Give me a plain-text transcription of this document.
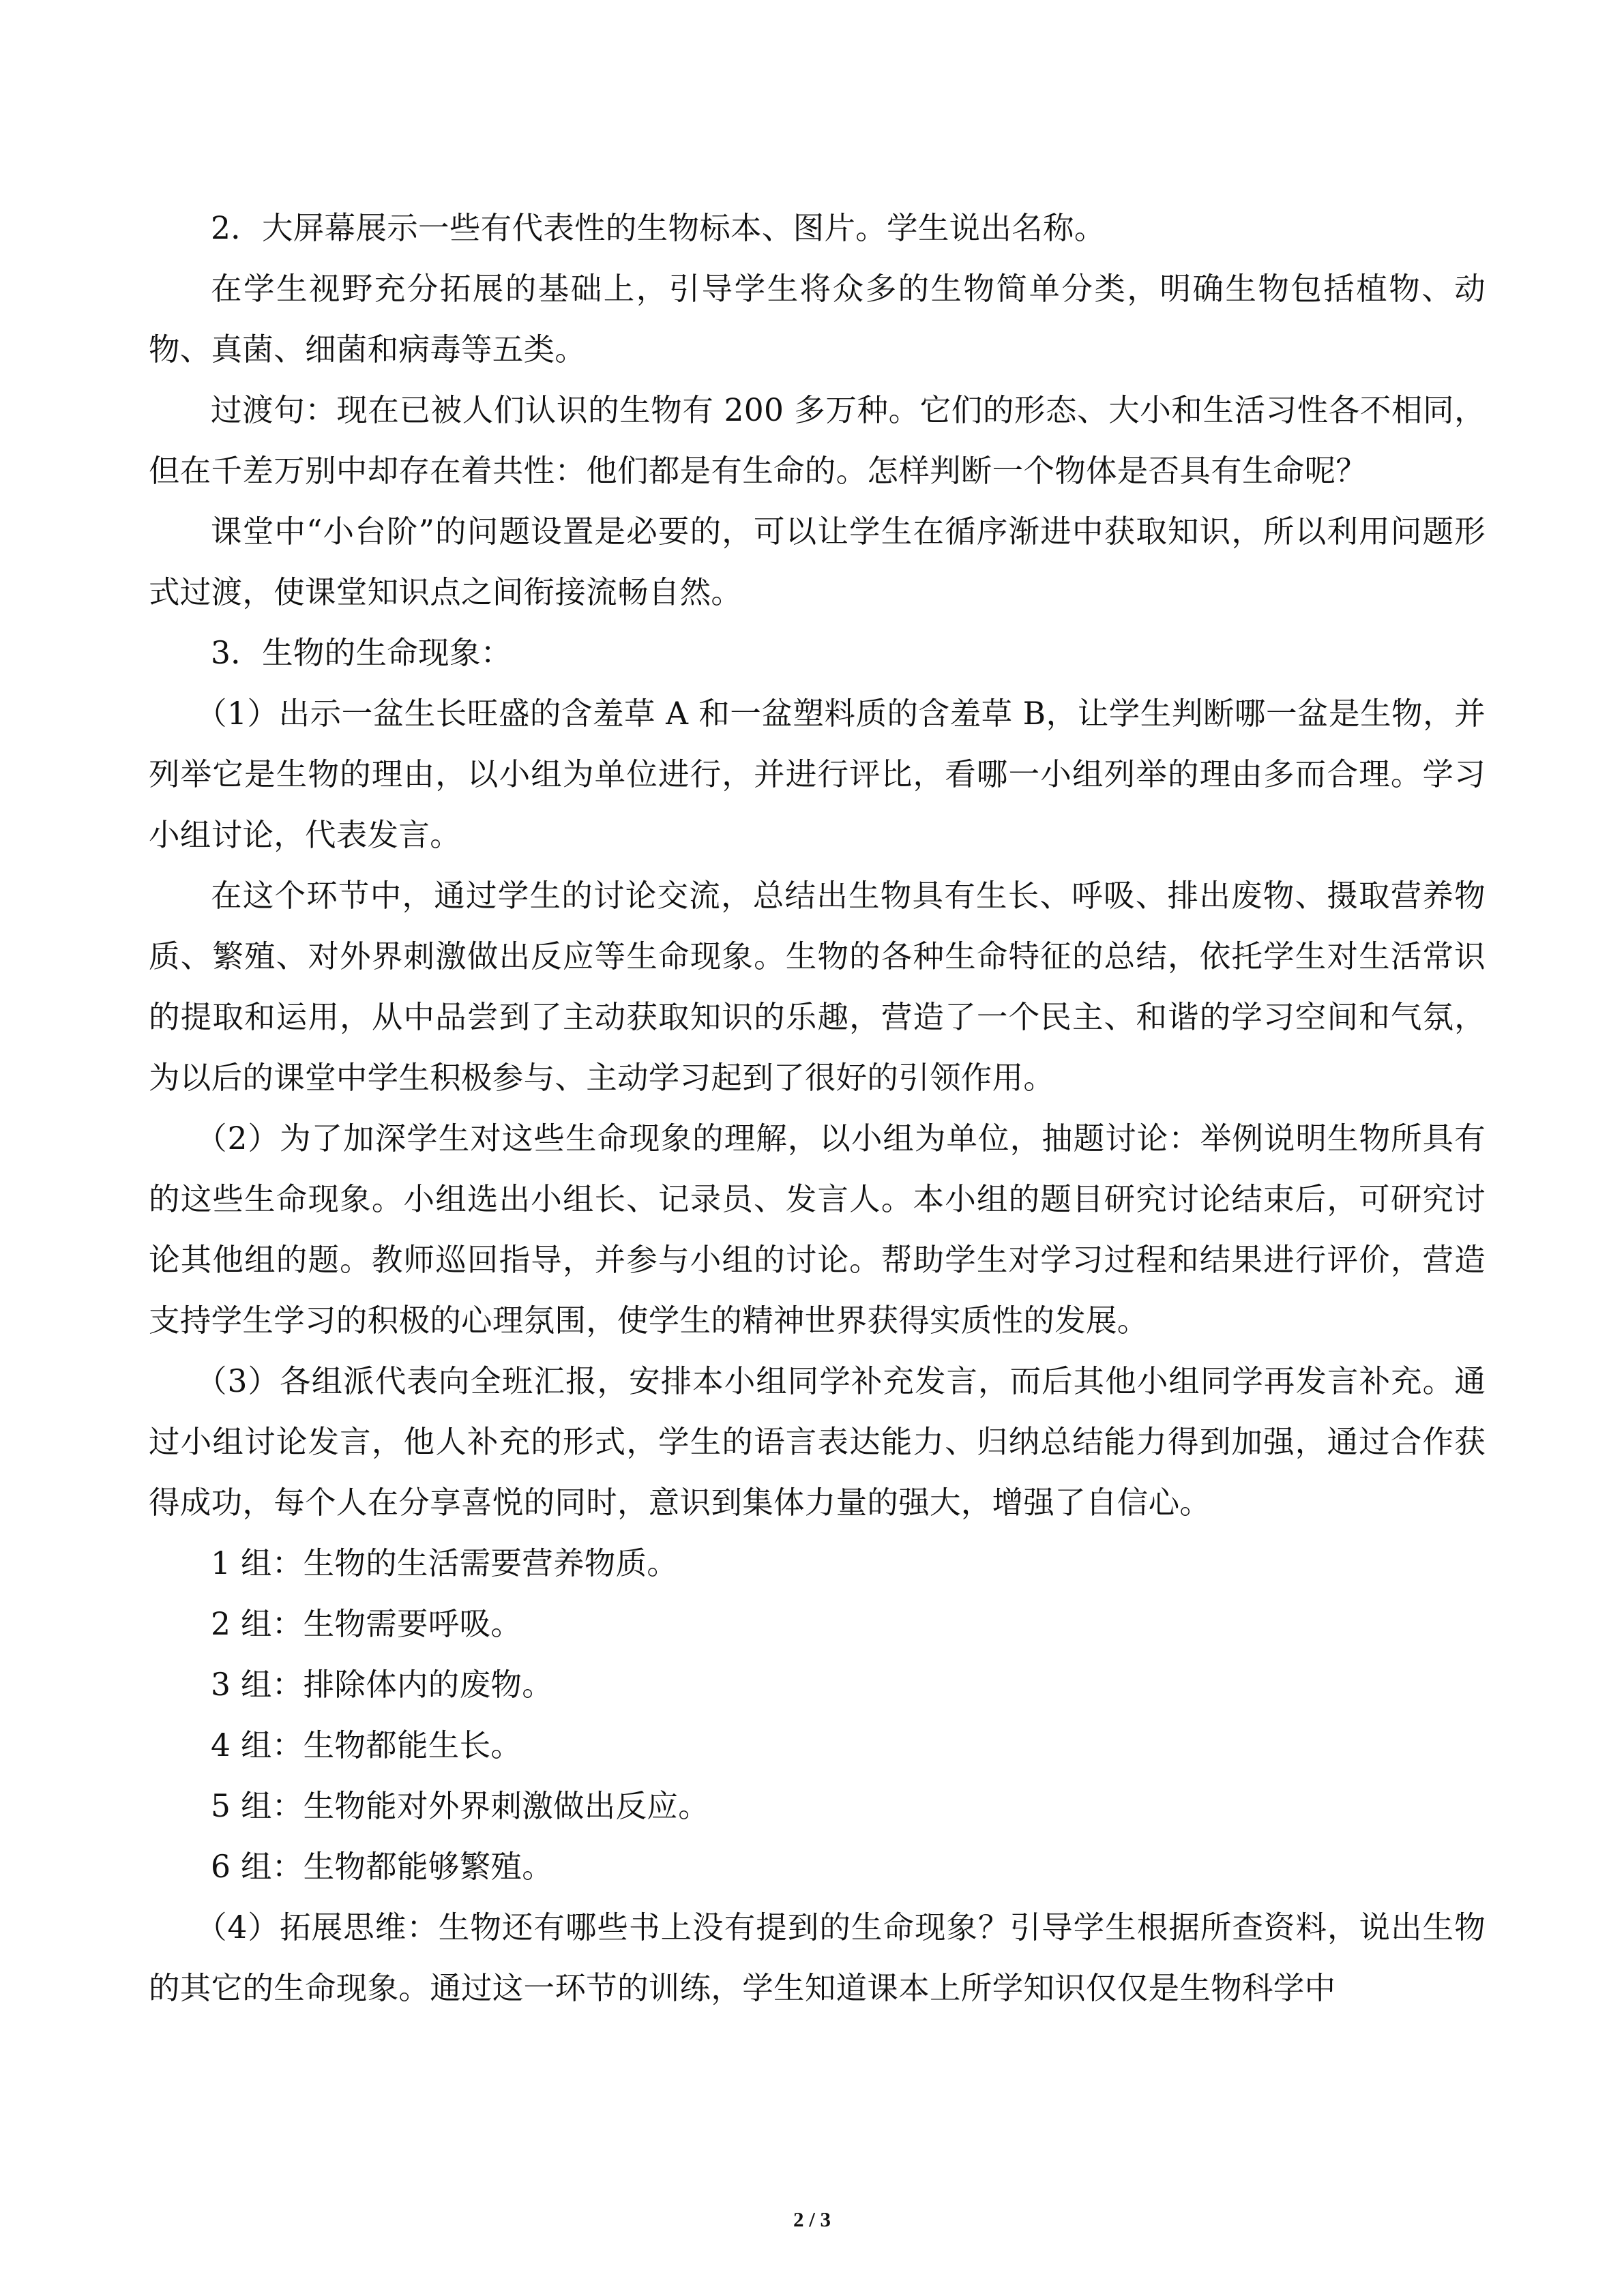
2．大屏幕展示一些有代表性的生物标本、图片。学生说出名称。

在学生视野充分拓展的基础上，引导学生将众多的生物简单分类，明确生物包括植物、动物、真菌、细菌和病毒等五类。

过渡句：现在已被人们认识的生物有 200 多万种。它们的形态、大小和生活习性各不相同，但在千差万别中却存在着共性：他们都是有生命的。怎样判断一个物体是否具有生命呢？

课堂中“小台阶”的问题设置是必要的，可以让学生在循序渐进中获取知识，所以利用问题形式过渡，使课堂知识点之间衔接流畅自然。

3．生物的生命现象：

（1）出示一盆生长旺盛的含羞草 A 和一盆塑料质的含羞草 B，让学生判断哪一盆是生物，并列举它是生物的理由，以小组为单位进行，并进行评比，看哪一小组列举的理由多而合理。学习小组讨论，代表发言。

在这个环节中，通过学生的讨论交流，总结出生物具有生长、呼吸、排出废物、摄取营养物质、繁殖、对外界刺激做出反应等生命现象。生物的各种生命特征的总结，依托学生对生活常识的提取和运用，从中品尝到了主动获取知识的乐趣，营造了一个民主、和谐的学习空间和气氛，为以后的课堂中学生积极参与、主动学习起到了很好的引领作用。

（2）为了加深学生对这些生命现象的理解，以小组为单位，抽题讨论：举例说明生物所具有的这些生命现象。小组选出小组长、记录员、发言人。本小组的题目研究讨论结束后，可研究讨论其他组的题。教师巡回指导，并参与小组的讨论。帮助学生对学习过程和结果进行评价，营造支持学生学习的积极的心理氛围，使学生的精神世界获得实质性的发展。

（3）各组派代表向全班汇报，安排本小组同学补充发言，而后其他小组同学再发言补充。通过小组讨论发言，他人补充的形式，学生的语言表达能力、归纳总结能力得到加强，通过合作获得成功，每个人在分享喜悦的同时，意识到集体力量的强大，增强了自信心。

1 组：生物的生活需要营养物质。

2 组：生物需要呼吸。

3 组：排除体内的废物。

4 组：生物都能生长。

5 组：生物能对外界刺激做出反应。

6 组：生物都能够繁殖。

（4）拓展思维：生物还有哪些书上没有提到的生命现象？引导学生根据所查资料，说出生物的其它的生命现象。通过这一环节的训练，学生知道课本上所学知识仅仅是生物科学中

2 / 3
